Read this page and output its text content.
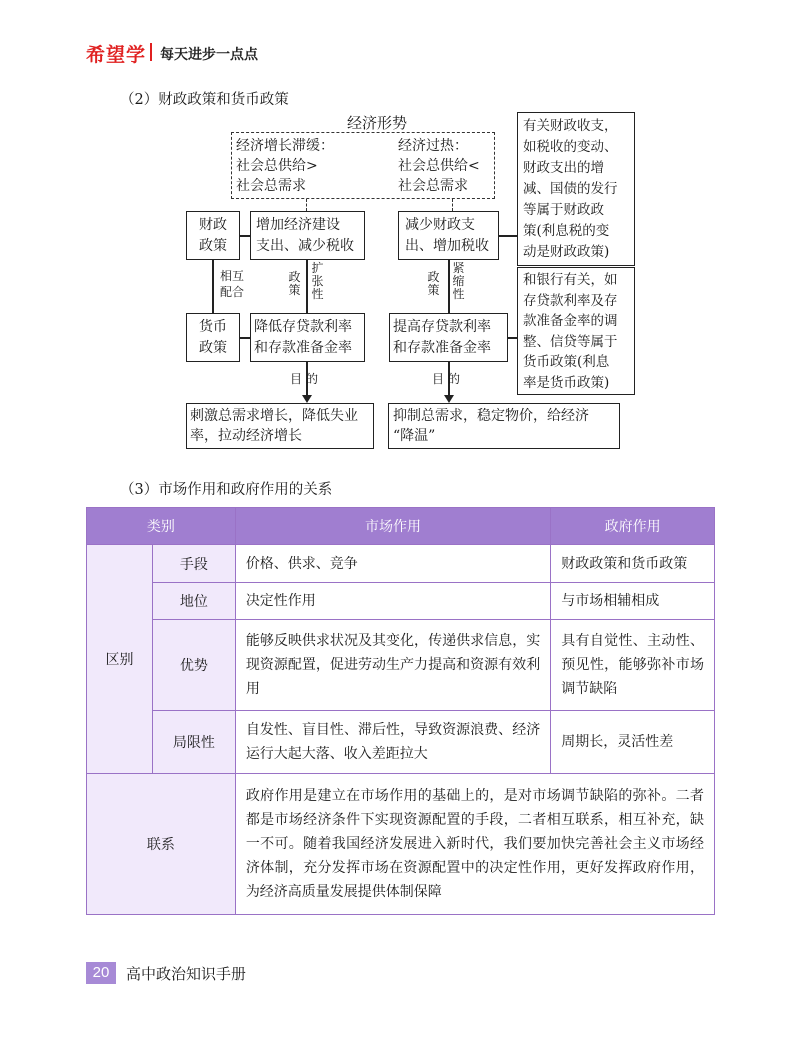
希望学 每天进步一点点
（2）财政政策和货币政策
经济形势
经济增长滞缓：
社会总供给>
社会总需求
经济过热：
社会总供给<
社会总需求
财政
政策
增加经济建设
支出、减少税收
减少财政支
出、增加税收
相互
配合
政策
扩张性
政策
紧缩性
货币
政策
降低存贷款利率
和存款准备金率
提高存贷款利率
和存款准备金率
目的	目的
刺激总需求增长，降低失业
率，拉动经济增长
抑制总需求，稳定物价，给经济
“降温”
有关财政收支，
如税收的变动、
财政支出的增
减、国债的发行
等属于财政政
策(利息税的变
动是财政政策)
和银行有关，如
存贷款利率及存
款准备金率的调
整、信贷等属于
货币政策(利息
率是货币政策)
（3）市场作用和政府作用的关系
类别		市场作用	政府作用
区别	手段	价格、供求、竞争	财政政策和货币政策
	地位	决定性作用	与市场相辅相成
	优势	能够反映供求状况及其变化，传递供求信息，实现资源配置，促进劳动生产力提高和资源有效利用	具有自觉性、主动性、预见性，能够弥补市场调节缺陷
	局限性	自发性、盲目性、滞后性，导致资源浪费、经济运行大起大落、收入差距拉大	周期长，灵活性差
联系		政府作用是建立在市场作用的基础上的，是对市场调节缺陷的弥补。二者都是市场经济条件下实现资源配置的手段，二者相互联系，相互补充，缺一不可。随着我国经济发展进入新时代，我们要加快完善社会主义市场经济体制，充分发挥市场在资源配置中的决定性作用，更好发挥政府作用，为经济高质量发展提供体制保障	
20	高中政治知识手册
